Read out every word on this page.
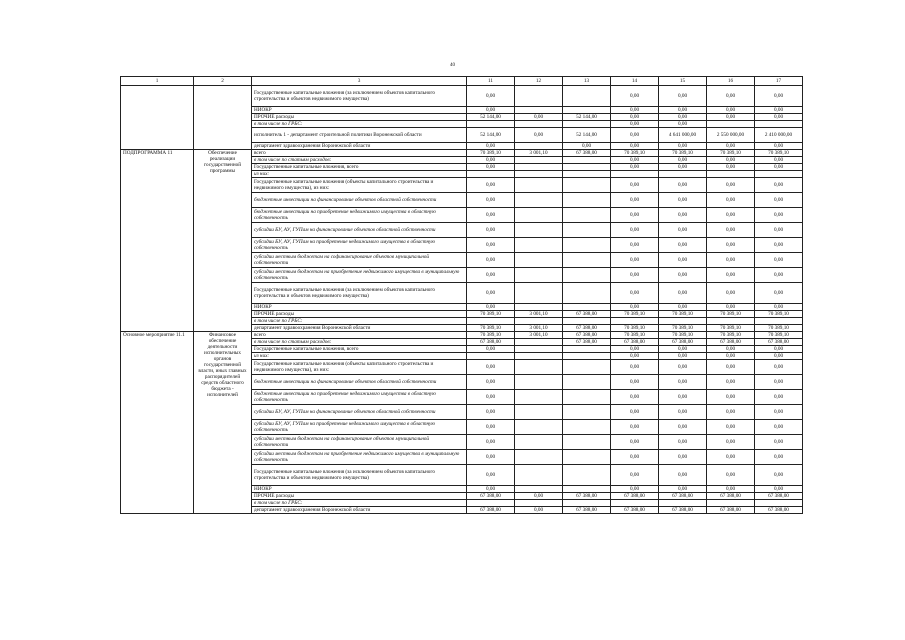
40
1	2	3	11	12	13	14	15	16	17
		Государственные капитальные вложения (за исключением объектов капитального строительства и объектов недвижимого имущества)	0,00			0,00	0,00	0,00	0,00
		НИОКР	0,00			0,00	0,00	0,00	0,00
		ПРОЧИЕ расходы	52 144,00	0,00	52 144,00	0,00	0,00	0,00	0,00
		в том числе по ГРБС:				0,00	0,00		
		исполнитель 1 - департамент строительной политики Воронежской области	52 144,00	0,00	52 144,00	0,00	4 641 000,00	2 550 000,00	2 410 000,00
		департамент здравоохранения Воронежской области	0,00		0,00	0,00	0,00	0,00	0,00
ПОДПРОГРАММА 11	Обеспечение реализации государственной программы	всего	70 389,10	3 001,10	67 388,00	70 389,10	70 389,10	70 389,10	70 389,10
		в том числе по статьям расходов:	0,00			0,00	0,00	0,00	0,00
		Государственные капитальные вложения, всего	0,00			0,00	0,00	0,00	0,00
		из них:							
		Государственные капитальные вложения (объекты капитального строительства и недвижимого имущества), из них:	0,00			0,00	0,00	0,00	0,00
		бюджетные инвестиции на финансирование объектов областной собственности	0,00			0,00	0,00	0,00	0,00
		бюджетные инвестиции на приобретение недвижимого имущества в областную собственность	0,00			0,00	0,00	0,00	0,00
		субсидии БУ, АУ, ГУПам на финансирование объектов областной собственности	0,00			0,00	0,00	0,00	0,00
		субсидии БУ, АУ, ГУПам на приобретение недвижимого имущества в областную собственность	0,00			0,00	0,00	0,00	0,00
		субсидии местным бюджетам на софинансирование объектов муниципальной собственности	0,00			0,00	0,00	0,00	0,00
		субсидии местным бюджетам на приобретение недвижимого имущества в муниципальную собственность	0,00			0,00	0,00	0,00	0,00
		Государственные капитальные вложения (за исключением объектов капитального строительства и объектов недвижимого имущества)	0,00			0,00	0,00	0,00	0,00
		НИОКР	0,00			0,00	0,00	0,00	0,00
		ПРОЧИЕ расходы	70 389,10	3 001,10	67 388,00	70 389,10	70 389,10	70 389,10	70 389,10
		в том числе по ГРБС:							
		департамент здравоохранения Воронежской области	70 389,10	3 001,10	67 388,00	70 389,10	70 389,10	70 389,10	70 389,10
Основное мероприятие 11.1	Финансовое обеспечение деятельности исполнительных органов государственной власти, иных главных распорядителей средств областного бюджета - исполнителей	всего	70 389,10	3 001,10	67 388,00	70 389,10	70 389,10	70 389,10	70 389,10
		в том числе по статьям расходов:	67 388,00		67 388,00	67 388,00	67 388,00	67 388,00	67 388,00
		Государственные капитальные вложения, всего	0,00			0,00	0,00	0,00	0,00
		из них:				0,00	0,00	0,00	0,00
		Государственные капитальные вложения (объекты капитального строительства и недвижимого имущества), из них:	0,00			0,00	0,00	0,00	0,00
		бюджетные инвестиции на финансирование объектов областной собственности	0,00			0,00	0,00	0,00	0,00
		бюджетные инвестиции на приобретение недвижимого имущества в областную собственность	0,00			0,00	0,00	0,00	0,00
		субсидии БУ, АУ, ГУПам на финансирование объектов областной собственности	0,00			0,00	0,00	0,00	0,00
		субсидии БУ, АУ, ГУПам на приобретение недвижимого имущества в областную собственность	0,00			0,00	0,00	0,00	0,00
		субсидии местным бюджетам на софинансирование объектов муниципальной собственности	0,00			0,00	0,00	0,00	0,00
		субсидии местным бюджетам на приобретение недвижимого имущества в муниципальную собственность	0,00			0,00	0,00	0,00	0,00
		Государственные капитальные вложения (за исключением объектов капитального строительства и объектов недвижимого имущества)	0,00			0,00	0,00	0,00	0,00
		НИОКР	0,00			0,00	0,00	0,00	0,00
		ПРОЧИЕ расходы	67 388,00	0,00	67 388,00	67 388,00	67 388,00	67 388,00	67 388,00
		в том числе по ГРБС:							
		департамент здравоохранения Воронежской области	67 388,00	0,00	67 388,00	67 388,00	67 388,00	67 388,00	67 388,00
